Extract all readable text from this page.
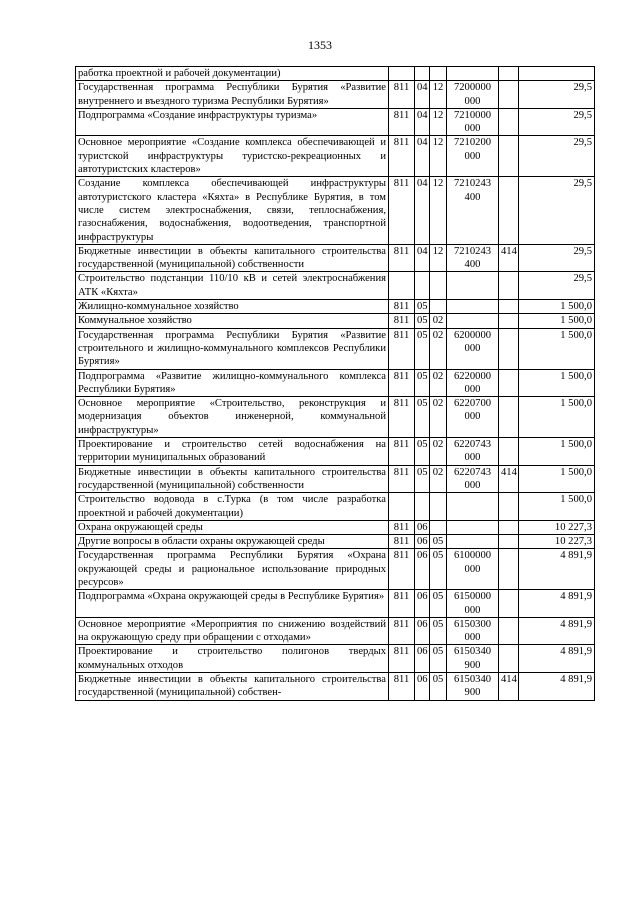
1353
работка проектной и рабочей документации)						
Государственная программа Республики Бурятия «Развитие внутреннего и въездного туризма Республики Бурятия»	811	04	12	7200000 000		29,5
Подпрограмма «Создание инфраструктуры туризма»	811	04	12	7210000 000		29,5
Основное мероприятие «Создание комплекса обеспечивающей и туристской инфраструктуры туристско-рекреационных и автотуристских кластеров»	811	04	12	7210200 000		29,5
Создание комплекса обеспечивающей инфраструктуры автотуристского кластера «Кяхта» в Республике Бурятия, в том числе систем электроснабжения, связи, теплоснабжения, газоснабжения, водоснабжения, водоотведения, транспортной инфраструктуры	811	04	12	7210243 400		29,5
Бюджетные инвестиции в объекты капитального строительства государственной (муниципальной) собственности	811	04	12	7210243 400	414	29,5
Строительство подстанции 110/10 кВ и сетей электроснабжения АТК «Кяхта»						29,5
Жилищно-коммунальное хозяйство	811	05				1 500,0
Коммунальное хозяйство	811	05	02			1 500,0
Государственная программа Республики Бурятия «Развитие строительного и жилищно-коммунального комплексов Республики Бурятия»	811	05	02	6200000 000		1 500,0
Подпрограмма «Развитие жилищно-коммунального комплекса Республики Бурятия»	811	05	02	6220000 000		1 500,0
Основное мероприятие «Строительство, реконструкция и модернизация объектов инженерной, коммунальной инфраструктуры»	811	05	02	6220700 000		1 500,0
Проектирование и строительство сетей водоснабжения на территории муниципальных образований	811	05	02	6220743 000		1 500,0
Бюджетные инвестиции в объекты капитального строительства государственной (муниципальной) собственности	811	05	02	6220743 000	414	1 500,0
Строительство водовода в с.Турка (в том числе разработка проектной и рабочей документации)						1 500,0
Охрана окружающей среды	811	06				10 227,3
Другие вопросы в области охраны окружающей среды	811	06	05			10 227,3
Государственная программа Республики Бурятия «Охрана окружающей среды и рациональное использование природных ресурсов»	811	06	05	6100000 000		4 891,9
Подпрограмма «Охрана окружающей среды в Республике Бурятия»	811	06	05	6150000 000		4 891,9
Основное мероприятие «Мероприятия по снижению воздействий на окружающую среду при обращении с отходами»	811	06	05	6150300 000		4 891,9
Проектирование и строительство полигонов твердых коммунальных отходов	811	06	05	6150340 900		4 891,9
Бюджетные инвестиции в объекты капитального строительства государственной (муниципальной) собствен-	811	06	05	6150340 900	414	4 891,9
